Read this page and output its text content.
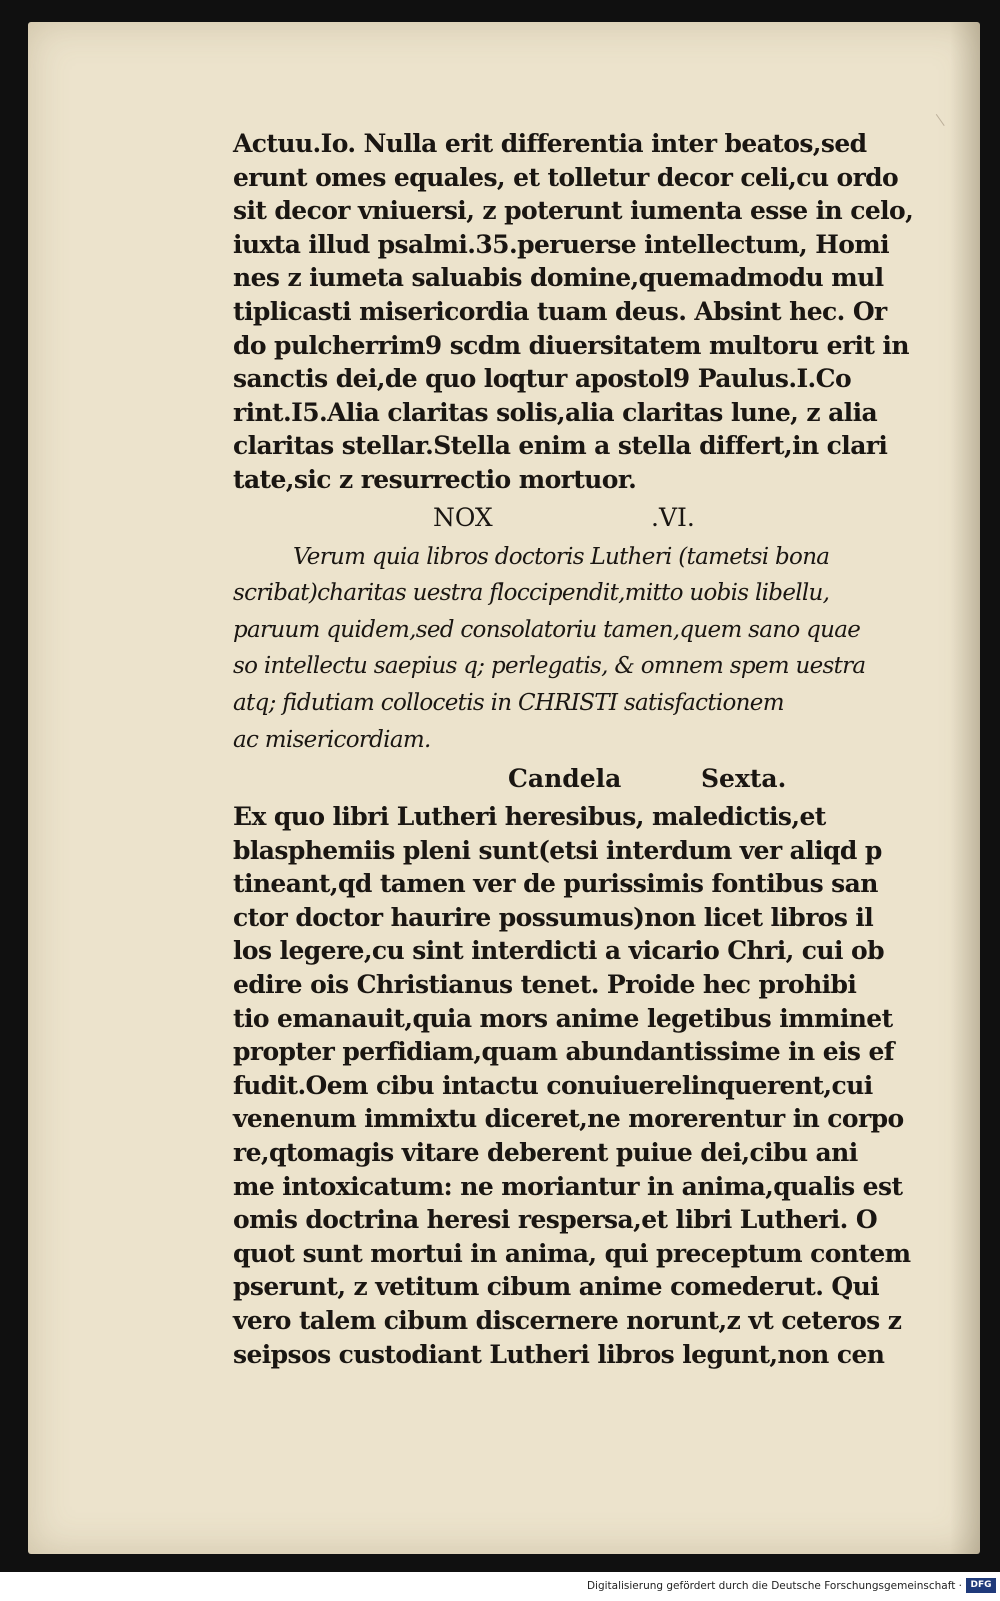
Actuu.Io. Nulla erit differentia inter beatos,sed
erunt omes equales, et tolletur decor celi,cu ordo
sit decor vniuersi, z poterunt iumenta esse in celo,
iuxta illud psalmi.35.peruerse intellectum, Homi
nes z iumeta saluabis domine,quemadmodu mul
tiplicasti misericordia tuam deus. Absint hec. Or
do pulcherrim9 scdm diuersitatem multoru erit in
sanctis dei,de quo loqtur apostol9 Paulus.I.Co
rint.I5.Alia claritas solis,alia claritas lune, z alia
claritas stellar.Stella enim a stella differt,in clari
tate,sic z resurrectio mortuor.
NOX	.VI.
Verum quia libros doctoris Lutheri (tametsi bona
scribat)charitas uestra floccipendit,mitto uobis libellu,
paruum quidem,sed consolatoriu tamen,quem sano quae
so intellectu saepius q; perlegatis, & omnem spem uestra
atq; fidutiam collocetis in CHRISTI satisfactionem
ac misericordiam.
Candela	Sexta.
Ex quo libri Lutheri heresibus, maledictis,et
blasphemiis pleni sunt(etsi interdum ver aliqd p
tineant,qd tamen ver de purissimis fontibus san
ctor doctor haurire possumus)non licet libros il
los legere,cu sint interdicti a vicario Chri, cui ob
edire ois Christianus tenet. Proide hec prohibi
tio emanauit,quia mors anime legetibus imminet
propter perfidiam,quam abundantissime in eis ef
fudit.Oem cibu intactu conuiuerelinquerent,cui
venenum immixtu diceret,ne morerentur in corpo
re,qtomagis vitare deberent puiue dei,cibu ani
me intoxicatum: ne moriantur in anima,qualis est
omis doctrina heresi respersa,et libri Lutheri. O
quot sunt mortui in anima, qui preceptum contem
pserunt, z vetitum cibum anime comederut. Qui
vero talem cibum discernere norunt,z vt ceteros z
seipsos custodiant Lutheri libros legunt,non cen
Digitalisierung gefördert durch die Deutsche Forschungsgemeinschaft · DFG
